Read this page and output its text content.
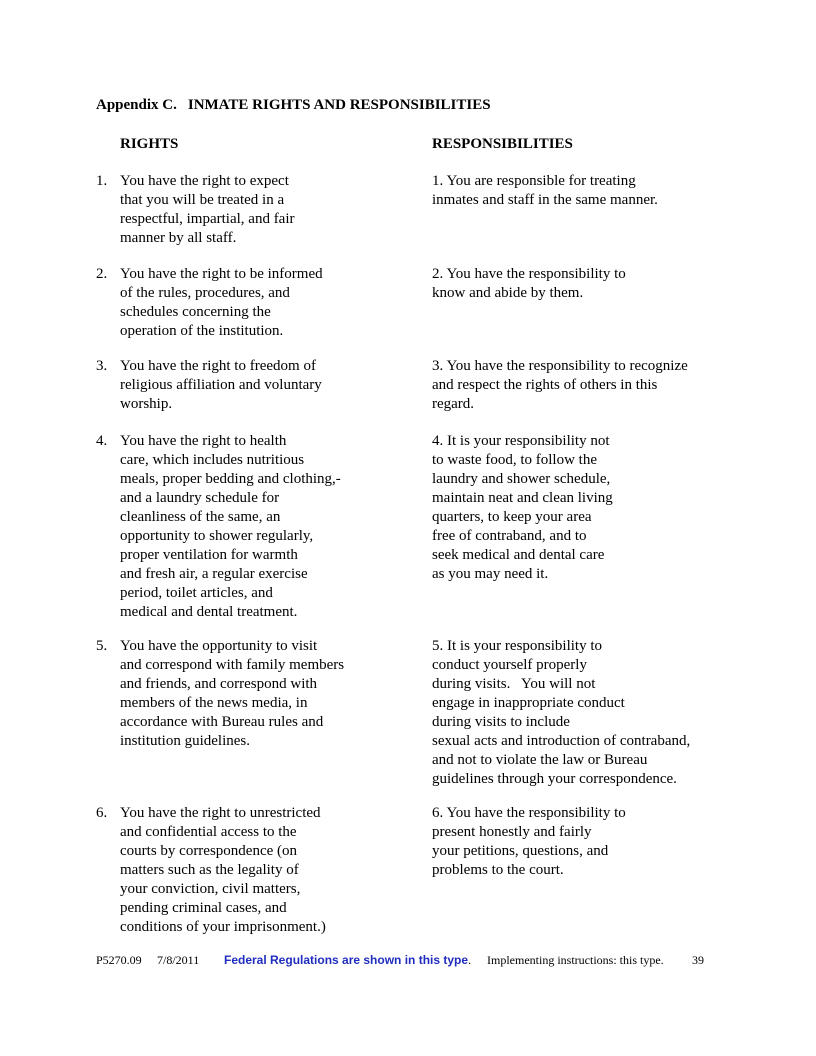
Appendix C. INMATE RIGHTS AND RESPONSIBILITIES
RIGHTS	RESPONSIBILITIES
1. You have the right to expect
that you will be treated in a
respectful, impartial, and fair
manner by all staff.
1. You are responsible for treating
inmates and staff in the same manner.
2. You have the right to be informed
of the rules, procedures, and
schedules concerning the
operation of the institution.
2. You have the responsibility to
know and abide by them.
3. You have the right to freedom of
religious affiliation and voluntary
worship.
3. You have the responsibility to recognize
and respect the rights of others in this
regard.
4. You have the right to health
care, which includes nutritious
meals, proper bedding and clothing,-
and a laundry schedule for
cleanliness of the same, an
opportunity to shower regularly,
proper ventilation for warmth
and fresh air, a regular exercise
period, toilet articles, and
medical and dental treatment.
4. It is your responsibility not
to waste food, to follow the
laundry and shower schedule,
maintain neat and clean living
quarters, to keep your area
free of contraband, and to
seek medical and dental care
as you may need it.
5. You have the opportunity to visit
and correspond with family members
and friends, and correspond with
members of the news media, in
accordance with Bureau rules and
institution guidelines.
5. It is your responsibility to
conduct yourself properly
during visits.   You will not
engage in inappropriate conduct
during visits to include
sexual acts and introduction of contraband,
and not to violate the law or Bureau
guidelines through your correspondence.
6. You have the right to unrestricted
and confidential access to the
courts by correspondence (on
matters such as the legality of
your conviction, civil matters,
pending criminal cases, and
conditions of your imprisonment.)
6. You have the responsibility to
present honestly and fairly
your petitions, questions, and
problems to the court.
P5270.09 7/8/2011 Federal Regulations are shown in this type. Implementing instructions: this type. 39
